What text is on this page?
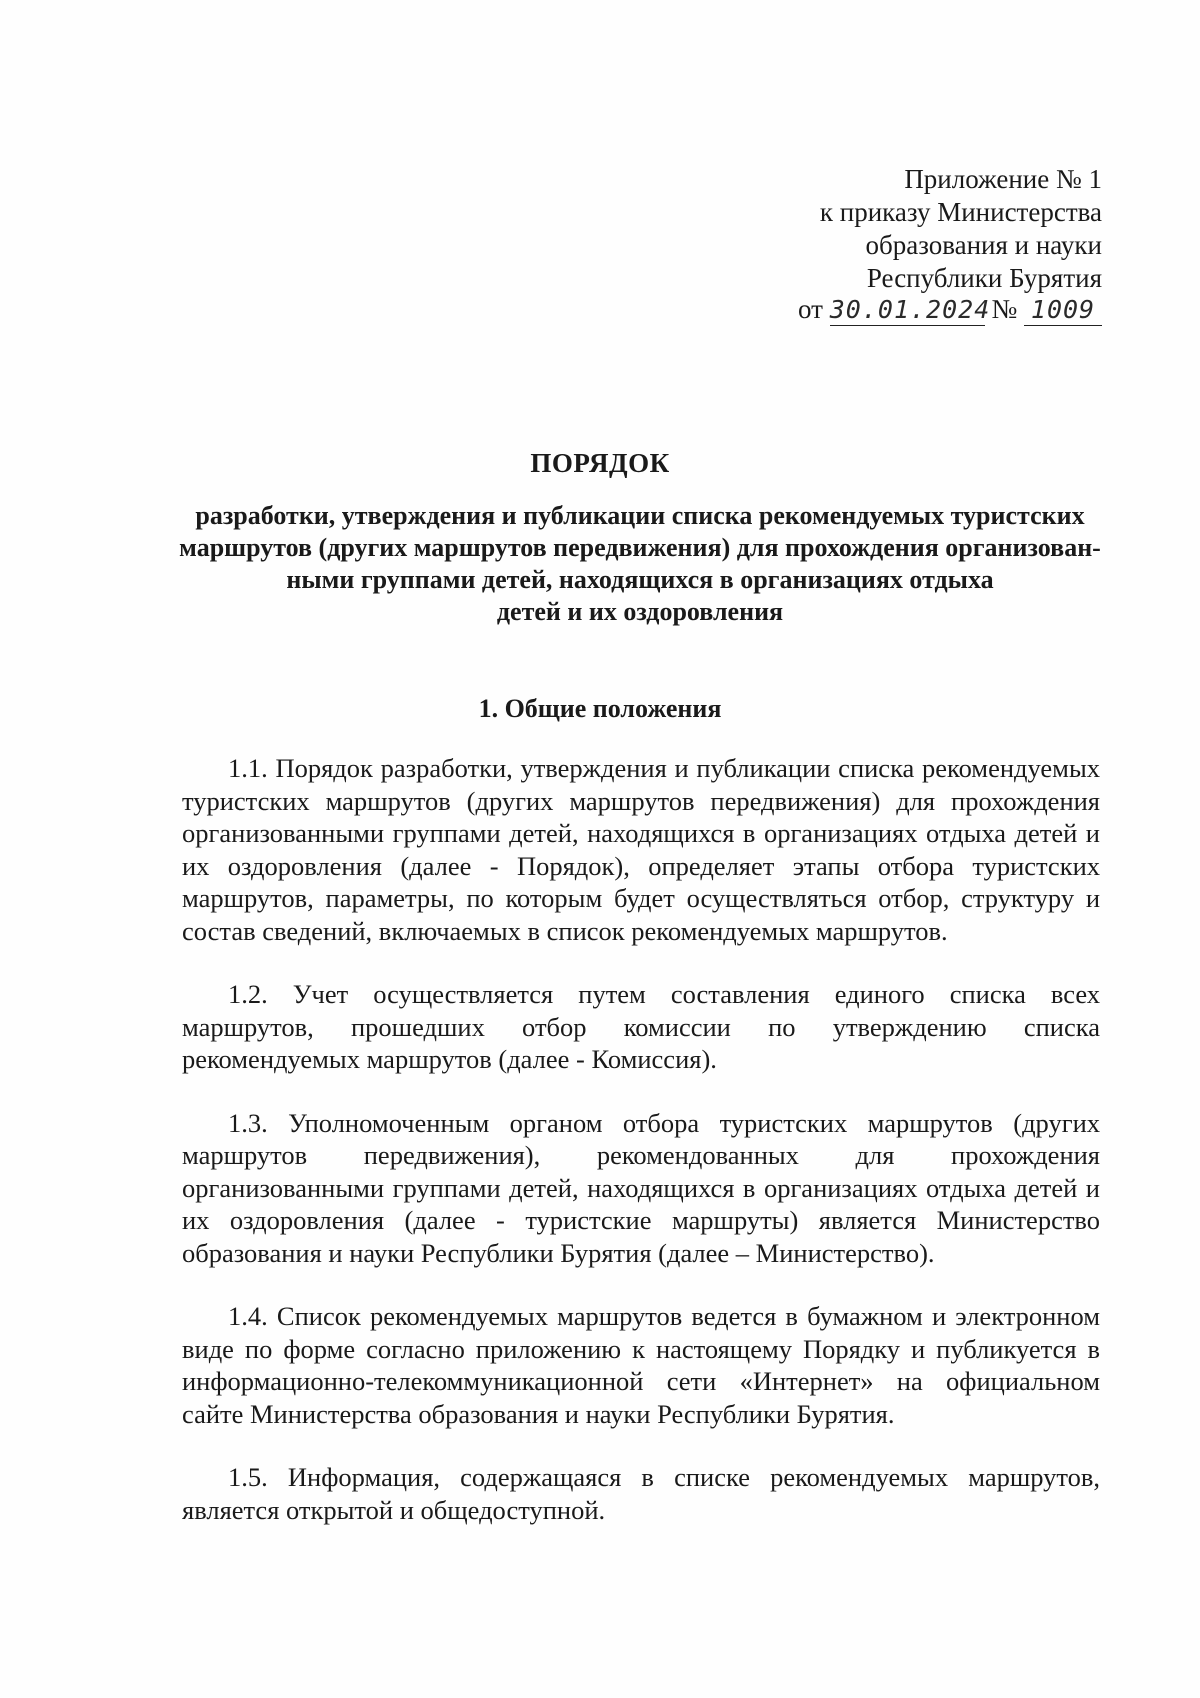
Приложение № 1
к приказу Министерства
образования и науки
Республики Бурятия
от 30.01.2024 № 1009
ПОРЯДОК
разработки, утверждения и публикации списка рекомендуемых туристских
маршрутов (других маршрутов передвижения) для прохождения организован-
ными группами детей, находящихся в организациях отдыха
детей и их оздоровления
1. Общие положения

1.1. Порядок разработки, утверждения и публикации списка рекомендуемых туристских маршрутов (других маршрутов передвижения) для прохождения организованными группами детей, находящихся в организациях отдыха детей и их оздоровления (далее - Порядок), определяет этапы отбора туристских маршрутов, параметры, по которым будет осуществляться отбор, структуру и состав сведений, включаемых в список рекомендуемых маршрутов.

1.2. Учет осуществляется путем составления единого списка всех маршрутов, прошедших отбор комиссии по утверждению списка рекомендуемых маршрутов (далее - Комиссия).

1.3. Уполномоченным органом отбора туристских маршрутов (других маршрутов передвижения), рекомендованных для прохождения организованными группами детей, находящихся в организациях отдыха детей и их оздоровления (далее - туристские маршруты) является Министерство образования и науки Республики Бурятия (далее – Министерство).

1.4. Список рекомендуемых маршрутов ведется в бумажном и электронном виде по форме согласно приложению к настоящему Порядку и публикуется в информационно-телекоммуникационной сети «Интернет» на официальном сайте Министерства образования и науки Республики Бурятия.

1.5. Информация, содержащаяся в списке рекомендуемых маршрутов, является открытой и общедоступной.
